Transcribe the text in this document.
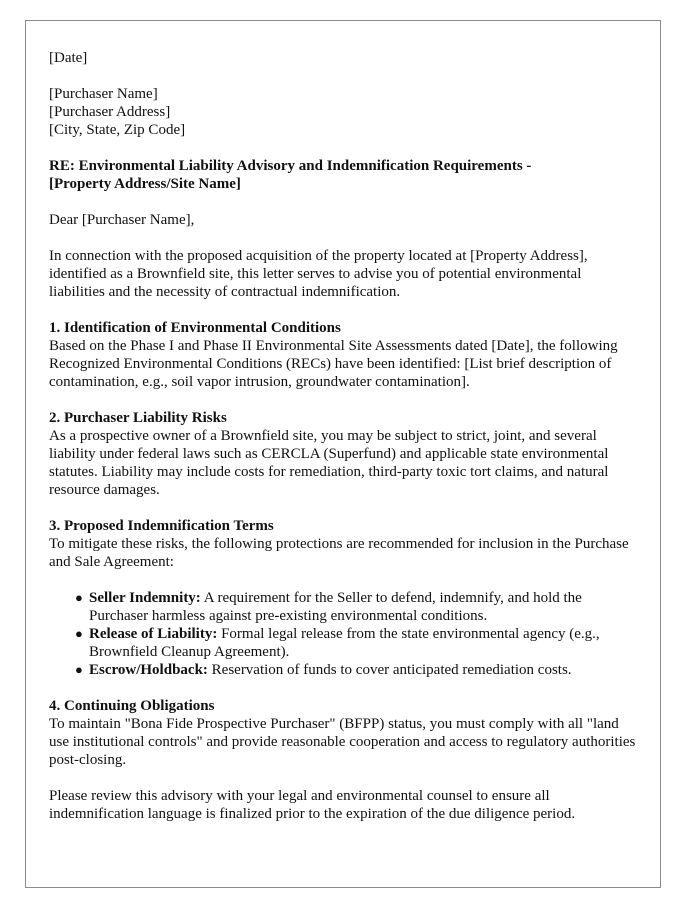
[Date]
[Purchaser Name]
[Purchaser Address]
[City, State, Zip Code]
RE: Environmental Liability Advisory and Indemnification Requirements -
[Property Address/Site Name]
Dear [Purchaser Name],
In connection with the proposed acquisition of the property located at [Property Address], identified as a Brownfield site, this letter serves to advise you of potential environmental liabilities and the necessity of contractual indemnification.
1. Identification of Environmental Conditions
Based on the Phase I and Phase II Environmental Site Assessments dated [Date], the following Recognized Environmental Conditions (RECs) have been identified: [List brief description of contamination, e.g., soil vapor intrusion, groundwater contamination].
2. Purchaser Liability Risks
As a prospective owner of a Brownfield site, you may be subject to strict, joint, and several liability under federal laws such as CERCLA (Superfund) and applicable state environmental statutes. Liability may include costs for remediation, third-party toxic tort claims, and natural resource damages.
3. Proposed Indemnification Terms
To mitigate these risks, the following protections are recommended for inclusion in the Purchase and Sale Agreement:
● Seller Indemnity: A requirement for the Seller to defend, indemnify, and hold the Purchaser harmless against pre-existing environmental conditions.
● Release of Liability: Formal legal release from the state environmental agency (e.g., Brownfield Cleanup Agreement).
● Escrow/Holdback: Reservation of funds to cover anticipated remediation costs.
4. Continuing Obligations
To maintain "Bona Fide Prospective Purchaser" (BFPP) status, you must comply with all "land use institutional controls" and provide reasonable cooperation and access to regulatory authorities post-closing.
Please review this advisory with your legal and environmental counsel to ensure all indemnification language is finalized prior to the expiration of the due diligence period.
